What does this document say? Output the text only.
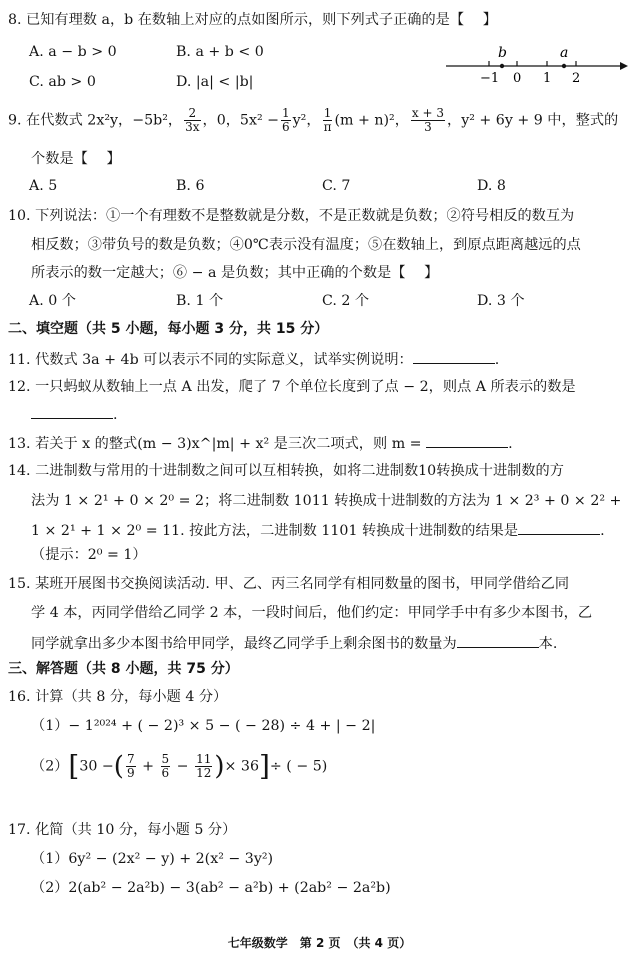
8. 已知有理数 a，b 在数轴上对应的点如图所示，则下列式子正确的是【　 】
A. a − b > 0	B. a + b < 0
C. ab > 0	D. |a| < |b|
b	a
−1 0 1 2
9. 在代数式 2x²y，−5b²， $\frac{2}{3x}$ ，0，$5x^2 - \frac{1}{6} y^2$， $\frac{1}{\pi} (m + n)^2$， $\frac{x + 3}{3}$ ，y² + 6y + 9 中，整式的
个数是【　 】
A. 5	B. 6	C. 7	D. 8
10. 下列说法：①一个有理数不是整数就是分数，不是正数就是负数；②符号相反的数互为
相反数；③带负号的数是负数；④0℃表示没有温度；⑤在数轴上，到原点距离越远的点
所表示的数一定越大；⑥ − a 是负数；其中正确的个数是【　 】
A. 0 个	B. 1 个	C. 2 个	D. 3 个
二、填空题（共 5 小题，每小题 3 分，共 15 分）
11. 代数式 3a + 4b 可以表示不同的实际意义，试举实例说明：	.
12. 一只蚂蚁从数轴上一点 A 出发，爬了 7 个单位长度到了点 − 2，则点 A 所表示的数是
.
13. 若关于 x 的整式(m − 3)x^|m| + x² 是三次二项式，则 m =	.
14. 二进制数与常用的十进制数之间可以互相转换，如将二进制数10转换成十进制数的方
法为 1 × 2¹ + 0 × 2⁰ = 2；将二进制数 1011 转换成十进制数的方法为 1 × 2³ + 0 × 2² +
1 × 2¹ + 1 × 2⁰ = 11. 按此方法，二进制数 1101 转换成十进制数的结果是	.
（提示：2⁰ = 1）
15. 某班开展图书交换阅读活动. 甲、乙、丙三名同学有相同数量的图书，甲同学借给乙同
学 4 本，丙同学借给乙同学 2 本，一段时间后，他们约定：甲同学手中有多少本图书，乙
同学就拿出多少本图书给甲同学，最终乙同学手上剩余图书的数量为	本.
三、解答题（共 8 小题，共 75 分）
16. 计算（共 8 分，每小题 4 分）
（1）− 1²⁰²⁴ + ( − 2)³ × 5 − ( − 28) ÷ 4 + | − 2|
（2）[30 −( $\frac{7}{9} + \frac{5}{6} - \frac{11}{12}$ )× 36]÷ ( − 5)
17. 化简（共 10 分，每小题 5 分）
（1）6y² − (2x² − y) + 2(x² − 3y²)
（2）2(ab² − 2a²b) − 3(ab² − a²b) + (2ab² − 2a²b)
七年级数学　第 2 页　（共 4 页）
